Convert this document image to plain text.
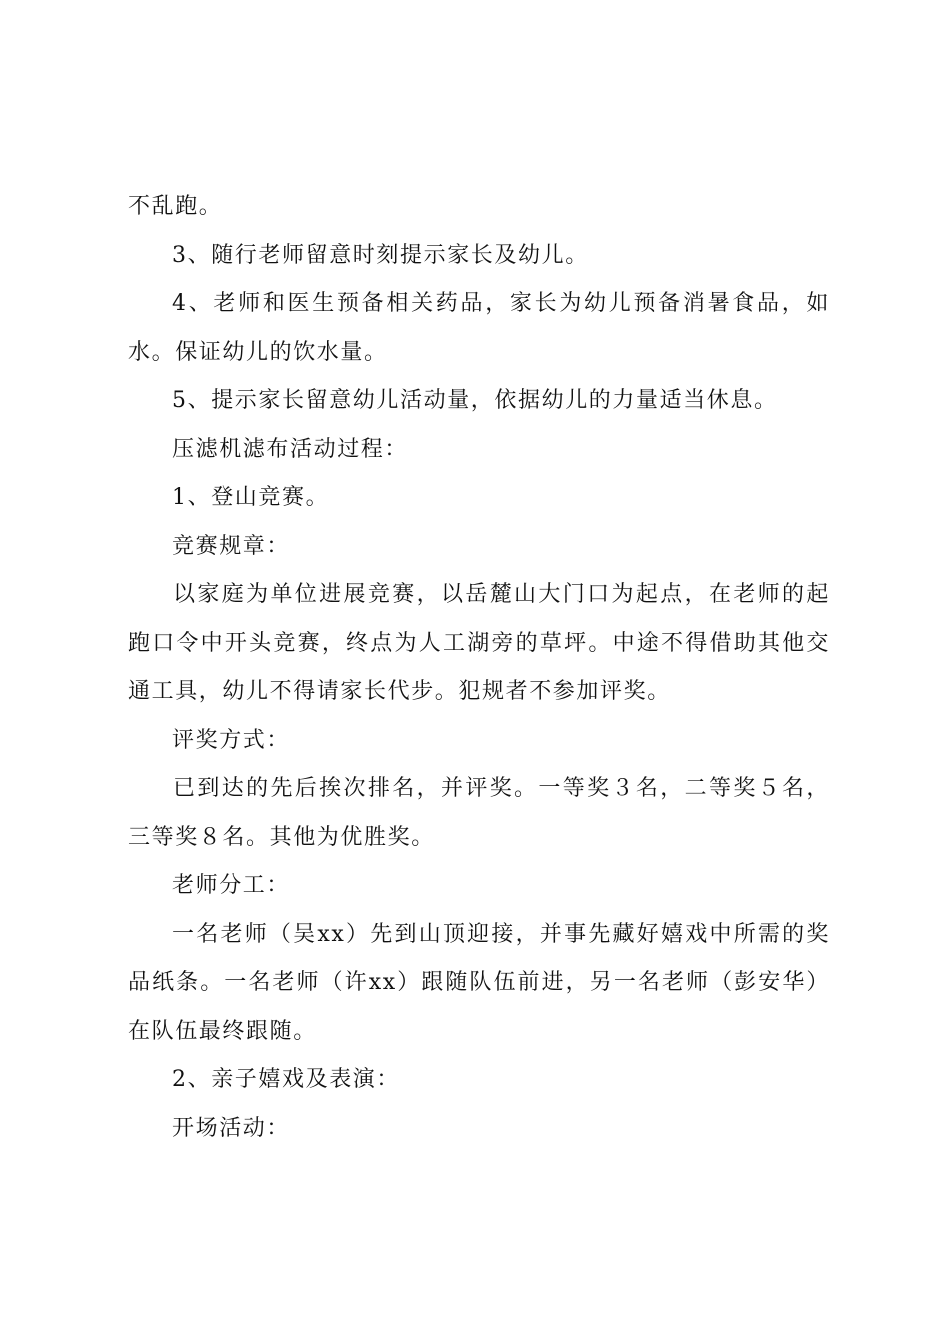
不乱跑。

3、随行老师留意时刻提示家长及幼儿。

4、老师和医生预备相关药品，家长为幼儿预备消暑食品，如水。保证幼儿的饮水量。

5、提示家长留意幼儿活动量，依据幼儿的力量适当休息。

压滤机滤布活动过程：

1、登山竞赛。

竞赛规章：

以家庭为单位进展竞赛，以岳麓山大门口为起点，在老师的起跑口令中开头竞赛，终点为人工湖旁的草坪。中途不得借助其他交通工具，幼儿不得请家长代步。犯规者不参加评奖。

评奖方式：

已到达的先后挨次排名，并评奖。一等奖３名，二等奖５名，三等奖８名。其他为优胜奖。

老师分工：

一名老师（吴xx）先到山顶迎接，并事先藏好嬉戏中所需的奖品纸条。一名老师（许xx）跟随队伍前进，另一名老师（彭安华）在队伍最终跟随。

2、亲子嬉戏及表演：

开场活动：
